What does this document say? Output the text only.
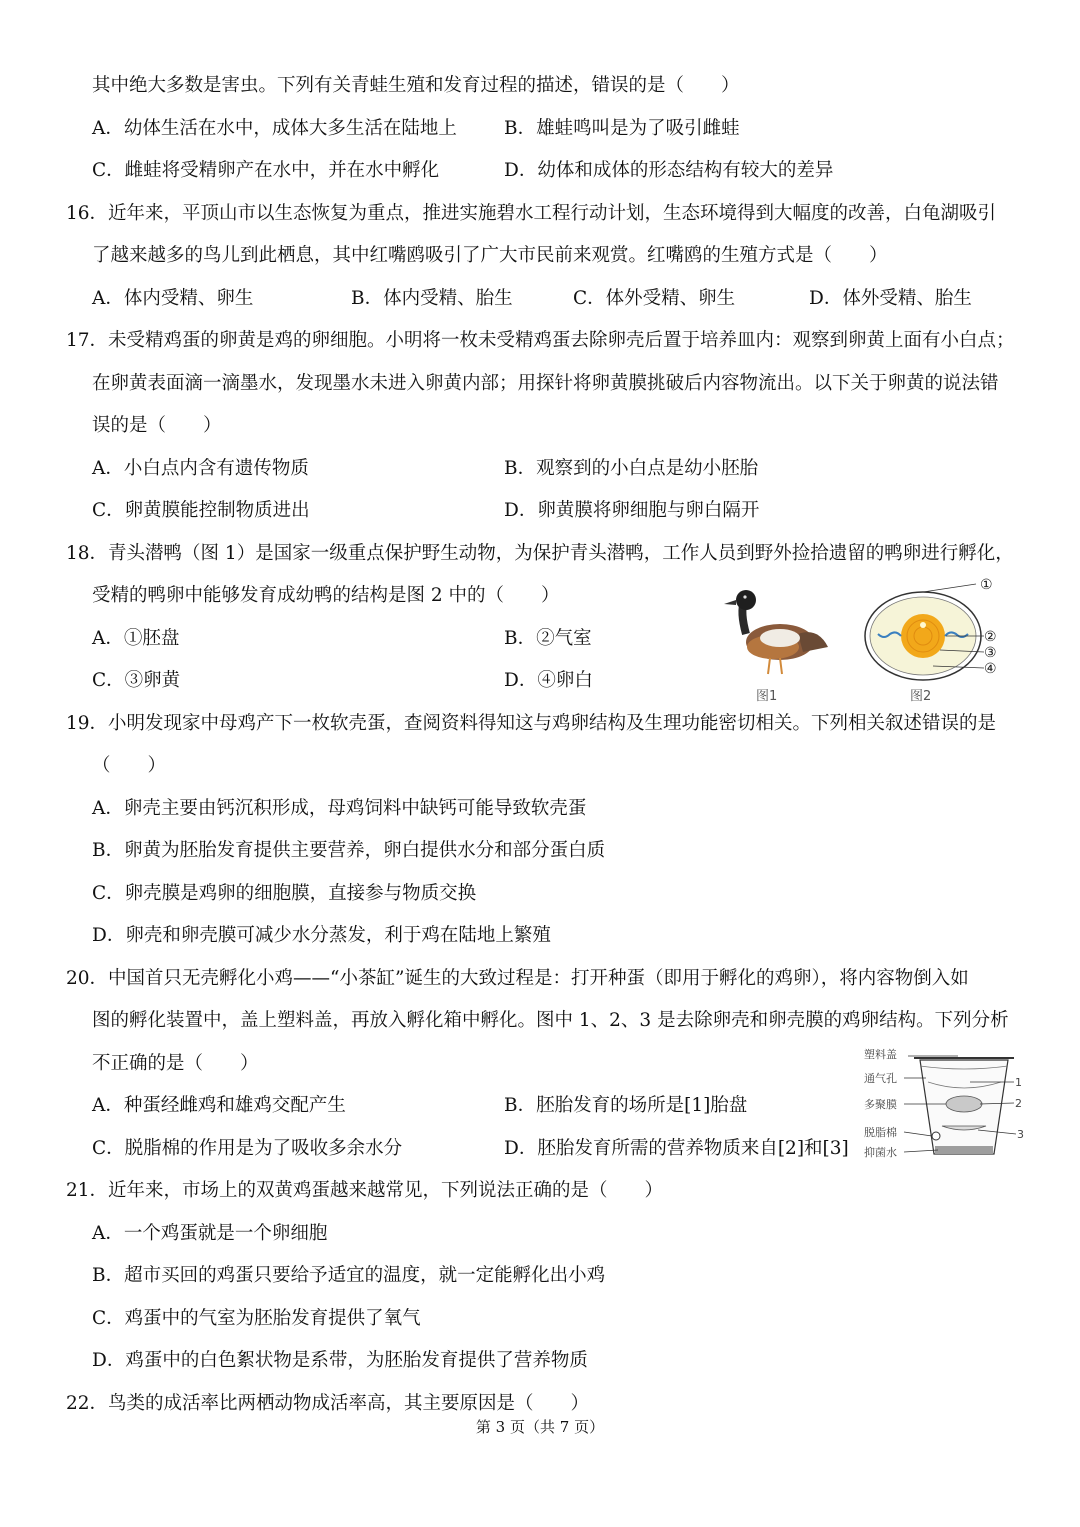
其中绝大多数是害虫。下列有关青蛙生殖和发育过程的描述，错误的是（　　）
A．幼体生活在水中，成体大多生活在陆地上	B．雄蛙鸣叫是为了吸引雌蛙
C．雌蛙将受精卵产在水中，并在水中孵化	D．幼体和成体的形态结构有较大的差异
16．近年来，平顶山市以生态恢复为重点，推进实施碧水工程行动计划，生态环境得到大幅度的改善，白龟湖吸引
了越来越多的鸟儿到此栖息，其中红嘴鸥吸引了广大市民前来观赏。红嘴鸥的生殖方式是（　　）
A．体内受精、卵生	B．体内受精、胎生	C．体外受精、卵生	D．体外受精、胎生
17．未受精鸡蛋的卵黄是鸡的卵细胞。小明将一枚未受精鸡蛋去除卵壳后置于培养皿内：观察到卵黄上面有小白点；
在卵黄表面滴一滴墨水，发现墨水未进入卵黄内部；用探针将卵黄膜挑破后内容物流出。以下关于卵黄的说法错
误的是（　　）
A．小白点内含有遗传物质	B．观察到的小白点是幼小胚胎
C．卵黄膜能控制物质进出	D．卵黄膜将卵细胞与卵白隔开
18．青头潜鸭（图 1）是国家一级重点保护野生动物，为保护青头潜鸭，工作人员到野外捡拾遗留的鸭卵进行孵化，
受精的鸭卵中能够发育成幼鸭的结构是图 2 中的（　　）
A．①胚盘	B．②气室
C．③卵黄	D．④卵白
图1
①
②
③
④
图2
19．小明发现家中母鸡产下一枚软壳蛋，查阅资料得知这与鸡卵结构及生理功能密切相关。下列相关叙述错误的是
（　　）
A．卵壳主要由钙沉积形成，母鸡饲料中缺钙可能导致软壳蛋
B．卵黄为胚胎发育提供主要营养，卵白提供水分和部分蛋白质
C．卵壳膜是鸡卵的细胞膜，直接参与物质交换
D．卵壳和卵壳膜可减少水分蒸发，利于鸡在陆地上繁殖
20．中国首只无壳孵化小鸡——“小茶缸”诞生的大致过程是：打开种蛋（即用于孵化的鸡卵），将内容物倒入如
图的孵化装置中，盖上塑料盖，再放入孵化箱中孵化。图中 1、2、3 是去除卵壳和卵壳膜的鸡卵结构。下列分析
不正确的是（　　）
A．种蛋经雌鸡和雄鸡交配产生	B．胚胎发育的场所是[1]胎盘
C．脱脂棉的作用是为了吸收多余水分	D．胚胎发育所需的营养物质来自[2]和[3]
塑料盖
通气孔
多聚膜
脱脂棉
抑菌水
1
2
3
21．近年来，市场上的双黄鸡蛋越来越常见，下列说法正确的是（　　）
A．一个鸡蛋就是一个卵细胞
B．超市买回的鸡蛋只要给予适宜的温度，就一定能孵化出小鸡
C．鸡蛋中的气室为胚胎发育提供了氧气
D．鸡蛋中的白色絮状物是系带，为胚胎发育提供了营养物质
22．鸟类的成活率比两栖动物成活率高，其主要原因是（　　）
第 3 页（共 7 页）
